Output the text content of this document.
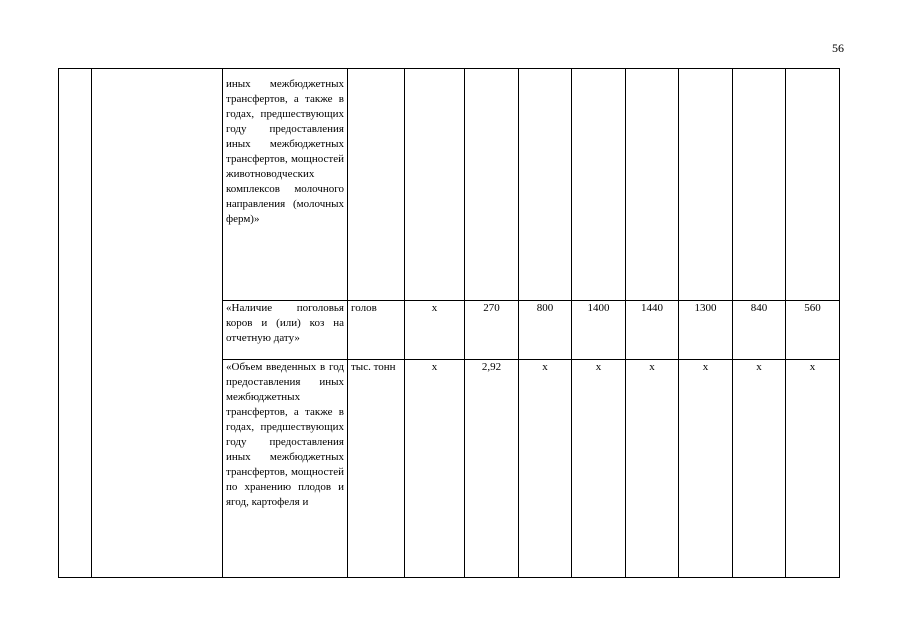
56
		иных межбюджетных трансфертов, а также в годах, предшествующих году предоставления иных межбюджетных трансфертов, мощностей животноводческих комплексов молочного направления (молочных ферм)»									
		«Наличие поголовья коров и (или) коз на отчетную дату»	голов	х	270	800	1400	1440	1300	840	560
		«Объем введенных в год предоставления иных межбюджетных трансфертов, а также в годах, предшествующих году предоставления иных межбюджетных трансфертов, мощностей по хранению плодов и ягод, картофеля и	тыс. тонн	х	2,92	х	х	х	х	х	х
